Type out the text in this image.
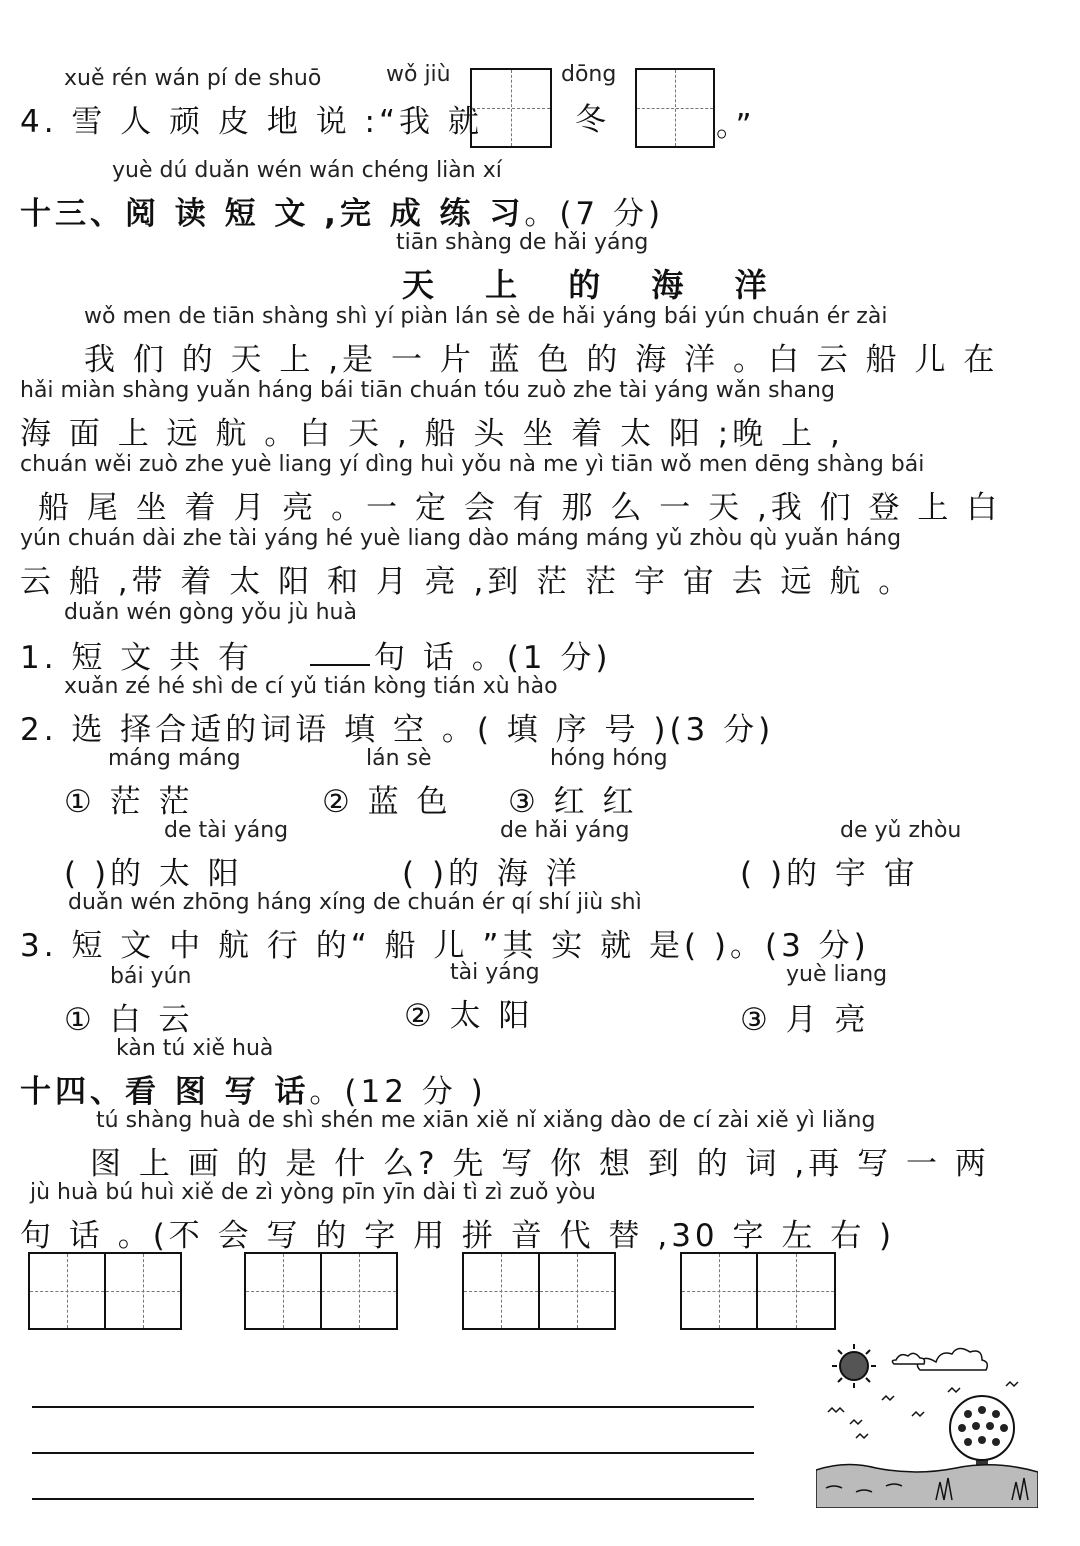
xuě rén wán pí de shuō	wǒ jiù	dōng
4. 雪 人 顽 皮 地 说 :“我 就	冬	。”
yuè dú duǎn wén wán chéng liàn xí
十三、阅 读 短 文 ,完 成 练 习。(7 分)
tiān shàng de hǎi yáng
天 上 的 海 洋
wǒ men de tiān shàng shì yí piàn lán sè de hǎi yáng bái yún chuán ér zài
我 们 的 天 上 ,是 一 片 蓝 色 的 海 洋 。白 云 船 儿 在
hǎi miàn shàng yuǎn háng bái tiān chuán tóu zuò zhe tài yáng wǎn shang
海 面 上 远 航 。白 天 , 船 头 坐 着 太 阳 ;晚 上 ,
chuán wěi zuò zhe yuè liang yí dìng huì yǒu nà me yì tiān wǒ men dēng shàng bái
船 尾 坐 着 月 亮 。一 定 会 有 那 么 一 天 ,我 们 登 上 白
yún chuán dài zhe tài yáng hé yuè liang dào máng máng yǔ zhòu qù yuǎn háng
云 船 ,带 着 太 阳 和 月 亮 ,到 茫 茫 宇 宙 去 远 航 。
duǎn wén gòng yǒu jù huà
1. 短 文 共 有	句 话 。(1 分)
xuǎn zé hé shì de cí yǔ tián kòng tián xù hào
2. 选 择合适的词语 填 空 。( 填 序 号 )(3 分)
máng máng
① 茫 茫
lán sè
② 蓝 色
hóng hóng
③ 红 红
de tài yáng
( )的 太 阳
de hǎi yáng
( )的 海 洋
de yǔ zhòu
( )的 宇 宙
duǎn wén zhōng háng xíng de chuán ér qí shí jiù shì
3. 短 文 中 航 行 的“ 船 儿 ”其 实 就 是( )。(3 分)
bái yún
① 白 云
tài yáng
② 太 阳
yuè liang
③ 月 亮
kàn tú xiě huà
十四、看 图 写 话。(12 分 )
tú shàng huà de shì shén me xiān xiě nǐ xiǎng dào de cí zài xiě yì liǎng
图 上 画 的 是 什 么? 先 写 你 想 到 的 词 ,再 写 一 两
jù huà bú huì xiě de zì yòng pīn yīn dài tì zì zuǒ yòu
句 话 。(不 会 写 的 字 用 拼 音 代 替 ,30 字 左 右 )
